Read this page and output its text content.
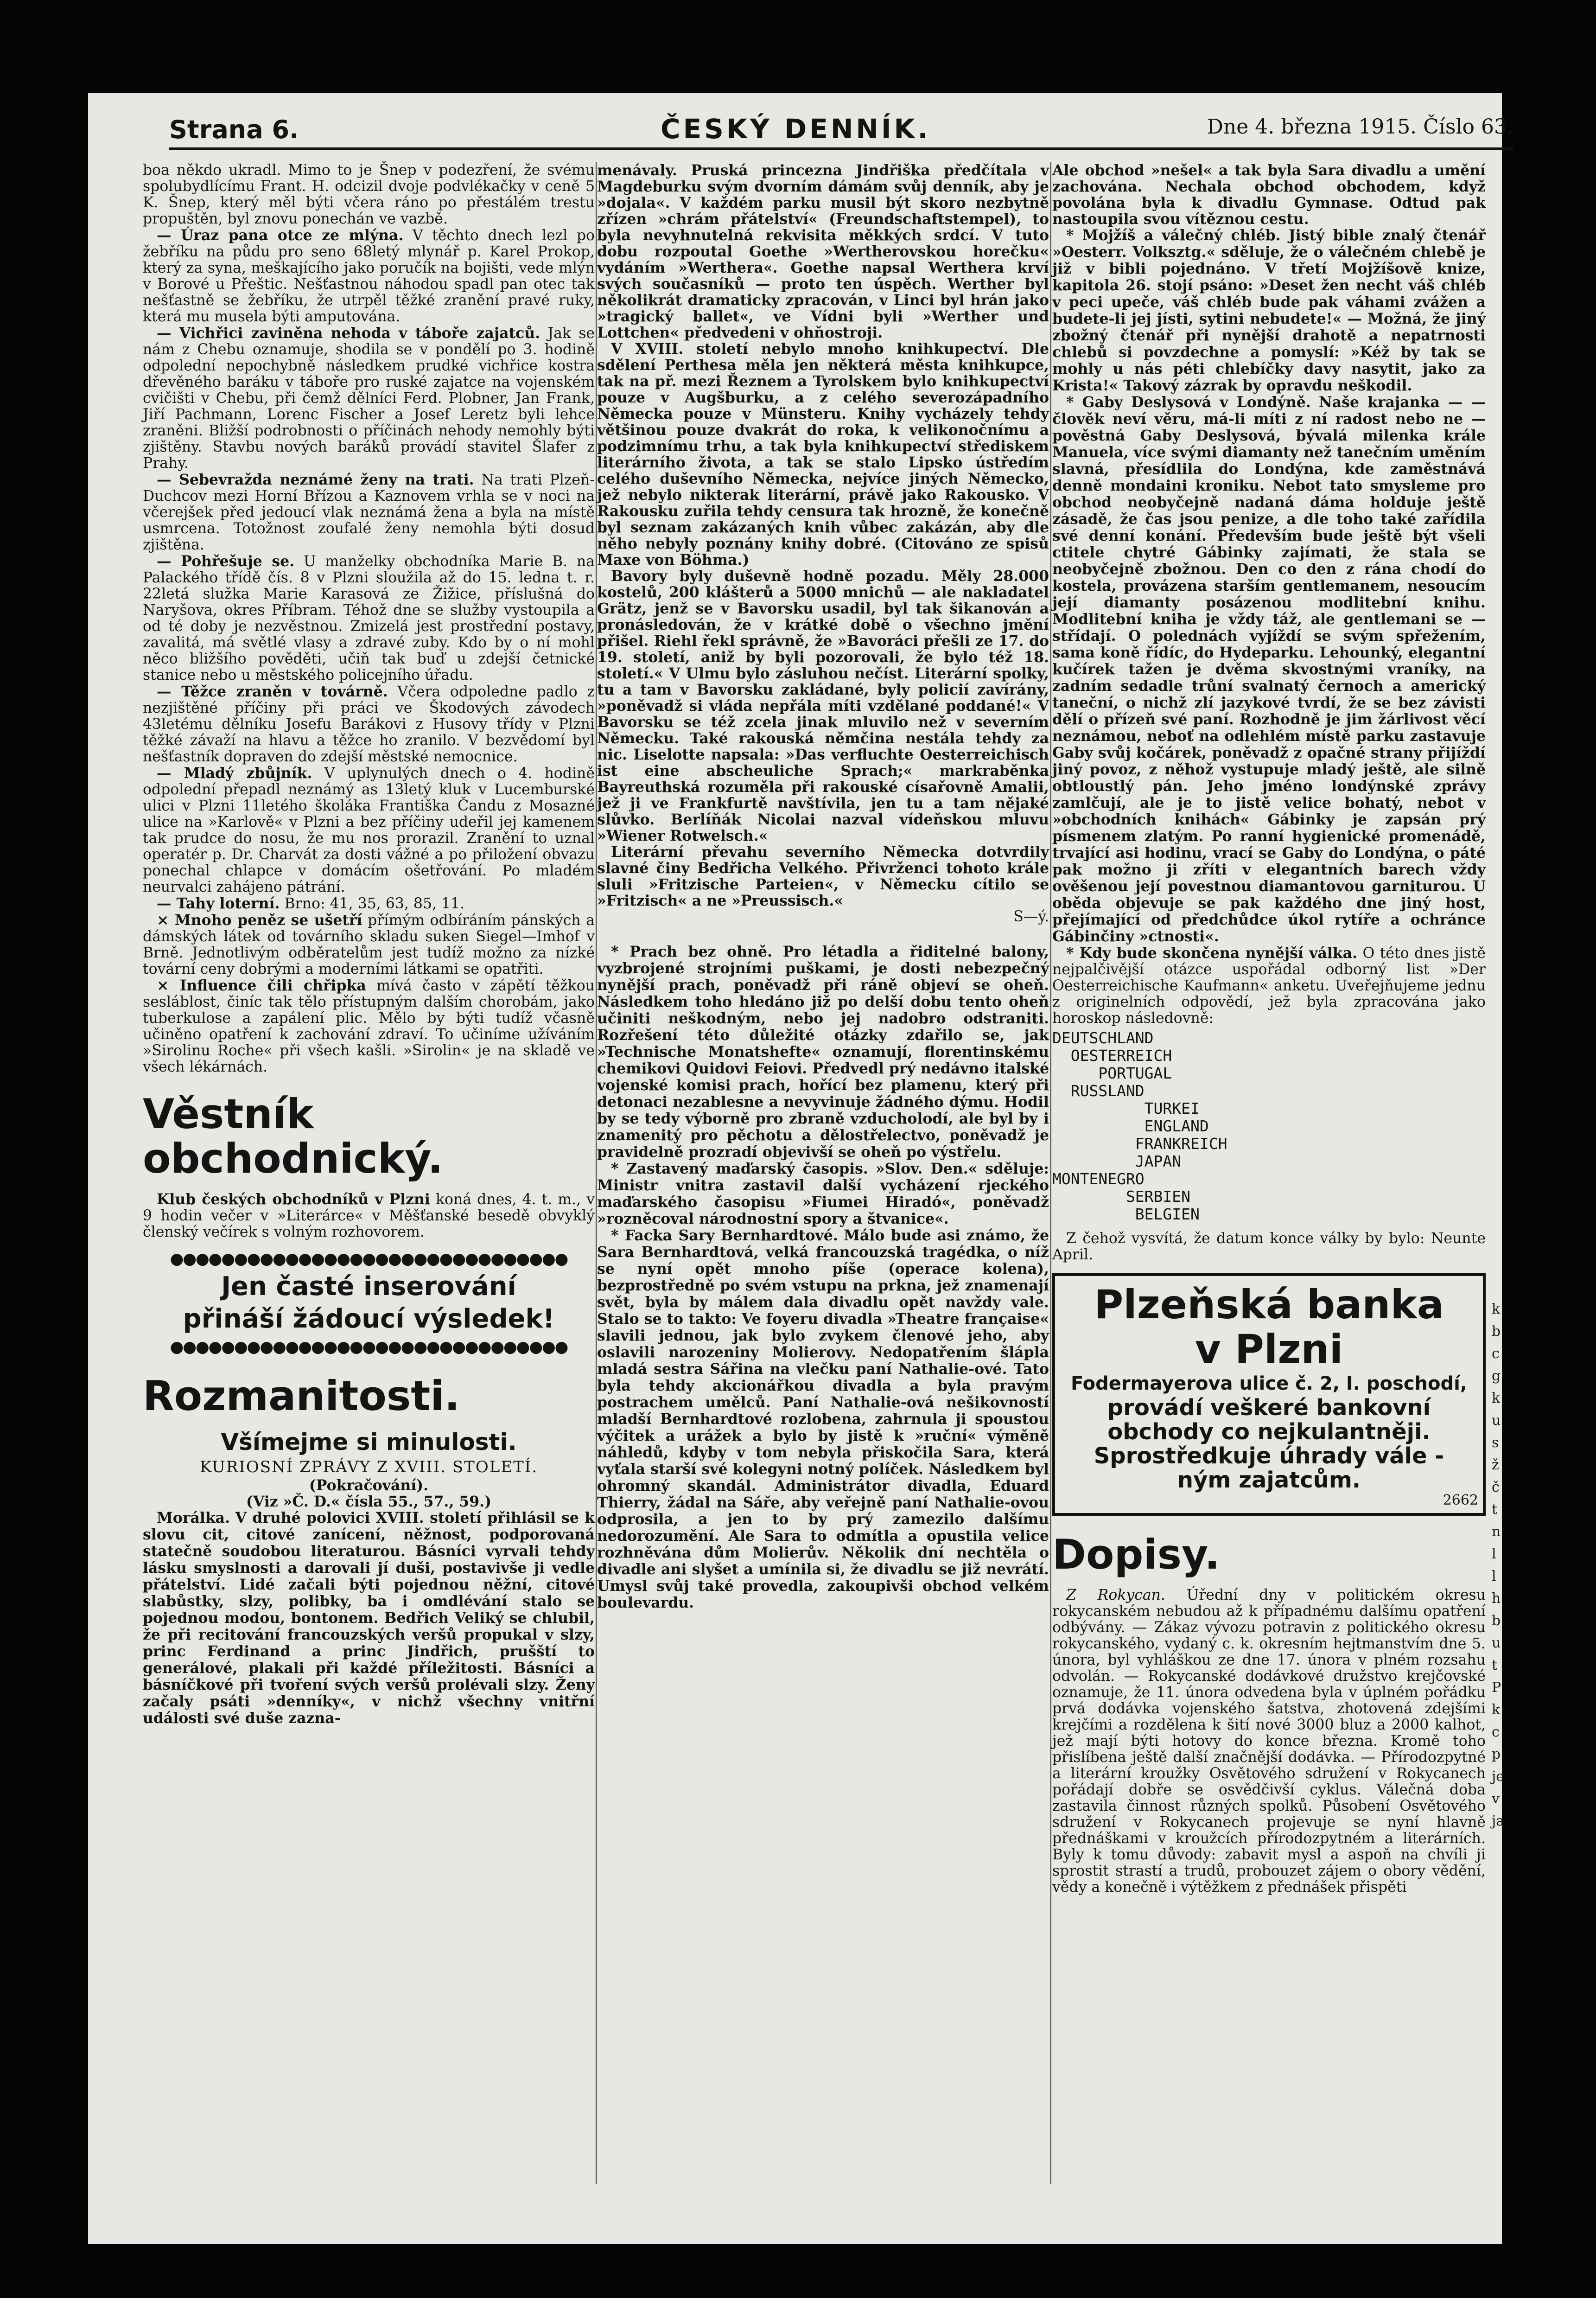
Strana 6.	ČESKÝ DENNÍK.	Dne 4. března 1915. Číslo 63.

boa někdo ukradl. Mimo to je Šnep v podezření, že svému spolubydlícímu Frant. H. odcizil dvoje podvlékačky v ceně 5 K. Šnep, který měl býti včera ráno po přestálém trestu propuštěn, byl znovu ponechán ve vazbě.

— Úraz pana otce ze mlýna. V těchto dnech lezl po žebříku na půdu pro seno 68letý mlynář p. Karel Prokop, který za syna, meškajícího jako poručík na bojišti, vede mlýn v Borové u Přeštic. Nešťastnou náhodou spadl pan otec tak nešťastně se žebříku, že utrpěl těžké zranění pravé ruky, která mu musela býti amputována.

— Vichřici zaviněna nehoda v táboře zajatců. Jak se nám z Chebu oznamuje, shodila se v pondělí po 3. hodině odpolední nepochybně následkem prudké vichřice kostra dřevěného baráku v táboře pro ruské zajatce na vojenském cvičišti v Chebu, při čemž dělníci Ferd. Plobner, Jan Frank, Jiří Pachmann, Lorenc Fischer a Josef Leretz byli lehce zraněni. Bližší podrobnosti o příčinách nehody nemohly býti zjištěny. Stavbu nových baráků provádí stavitel Šlafer z Prahy.

— Sebevražda neznámé ženy na trati. Na trati Plzeň-Duchcov mezi Horní Břízou a Kaznovem vrhla se v noci na včerejšek před jedoucí vlak neznámá žena a byla na místě usmrcena. Totožnost zoufalé ženy nemohla býti dosud zjištěna.

— Pohřešuje se. U manželky obchodníka Marie B. na Palackého třídě čís. 8 v Plzni sloužila až do 15. ledna t. r. 22letá služka Marie Karasová ze Žižice, příslušná do Naryšova, okres Příbram. Téhož dne se služby vystoupila a od té doby je nezvěstnou. Zmizelá jest prostřední postavy, zavalitá, má světlé vlasy a zdravé zuby. Kdo by o ní mohl něco bližšího pověděti, učiň tak buď u zdejší četnické stanice nebo u městského policejního úřadu.

— Těžce zraněn v továrně. Včera odpoledne padlo z nezjištěné příčiny při práci ve Škodových závodech 43letému dělníku Josefu Barákovi z Husovy třídy v Plzni těžké závaží na hlavu a těžce ho zranilo. V bezvědomí byl nešťastník dopraven do zdejší městské nemocnice.

— Mladý zbůjník. V uplynulých dnech o 4. hodině odpolední přepadl neznámý as 13letý kluk v Lucemburské ulici v Plzni 11letého školáka Františka Čandu z Mosazné ulice na »Karlově« v Plzni a bez příčiny udeřil jej kamenem tak prudce do nosu, že mu nos prorazil. Zranění to uznal operatér p. Dr. Charvát za dosti vážné a po přiložení obvazu ponechal chlapce v domácím ošetřování. Po mladém neurvalci zahájeno pátrání.

— Tahy loterní. Brno: 41, 35, 63, 85, 11.

× Mnoho peněz se ušetří přímým odbíráním pánských a dámských látek od továrního skladu suken Siegel—Imhof v Brně. Jednotlivým odběratelům jest tudíž možno za nízké tovární ceny dobrými a moderními látkami se opatřiti.

× Influence čili chřipka mívá často v zápětí těžkou sesláblost, činíc tak tělo přístupným dalším chorobám, jako tuberkulose a zapálení plic. Mělo by býti tudíž včasně učiněno opatření k zachování zdraví. To učiníme užíváním »Sirolinu Roche« při všech kašli. »Sirolin« je na skladě ve všech lékárnách.

Věstník obchodnický.

Klub českých obchodníků v Plzni koná dnes, 4. t. m., v 9 hodin večer v »Literárce« v Měšťanské besedě obvyklý členský večírek s volným rozhovorem.

●●●●●●●●●●●●●●●●●●●●●●●●●●●●●●●
Jen časté inserování
přináší žádoucí výsledek!
●●●●●●●●●●●●●●●●●●●●●●●●●●●●●●●
Rozmanitosti.
Všímejme si minulosti.
KURIOSNÍ ZPRÁVY Z XVIII. STOLETÍ.

(Pokračování).

(Viz »Č. D.« čísla 55., 57., 59.)

Morálka. V druhé polovici XVIII. století přihlásil se k slovu cit, citové zanícení, něžnost, podporovaná statečně soudobou literaturou. Básníci vyrvali tehdy lásku smyslnosti a darovali jí duši, postavivše ji vedle přátelství. Lidé začali býti pojednou něžní, citové slabůstky, slzy, polibky, ba i omdlévání stalo se pojednou modou, bontonem. Bedřich Veliký se chlubil, že při recitování francouzských veršů propukal v slzy, princ Ferdinand a princ Jindřich, prušští to generálové, plakali při každé příležitosti. Básníci a básníčkové při tvoření svých veršů prolévali slzy. Ženy začaly psáti »denníky«, v nichž všechny vnitřní události své duše zazna-

menávaly. Pruská princezna Jindřiška předčítala v Magdeburku svým dvorním dámám svůj denník, aby je »dojala«. V každém parku musil být skoro nezbytně zřízen »chrám přátelství« (Freundschaftstempel), to byla nevyhnutelná rekvisita měkkých srdcí. V tuto dobu rozpoutal Goethe »Wertherovskou horečku« vydáním »Werthera«. Goethe napsal Werthera krví svých současníků — proto ten úspěch. Werther byl několikrát dramaticky zpracován, v Linci byl hrán jako »tragický ballet«, ve Vídni byli »Werther und Lottchen« předvedeni v ohňostroji.

V XVIII. století nebylo mnoho knihkupectví. Dle sdělení Perthesa měla jen některá města knihkupce, tak na př. mezi Řeznem a Tyrolskem bylo knihkupectví pouze v Augšburku, a z celého severozápadního Německa pouze v Münsteru. Knihy vycházely tehdy většinou pouze dvakrát do roka, k velikonočnímu a podzimnímu trhu, a tak byla knihkupectví střediskem literárního života, a tak se stalo Lipsko ústředím celého duševního Německa, nejvíce jiných Německo, jež nebylo nikterak literární, právě jako Rakousko. V Rakousku zuřila tehdy censura tak hrozně, že konečně byl seznam zakázaných knih vůbec zakázán, aby dle něho nebyly poznány knihy dobré. (Citováno ze spisů Maxe von Böhma.)

Bavory byly duševně hodně pozadu. Měly 28.000 kostelů, 200 klášterů a 5000 mnichů — ale nakladatel Grätz, jenž se v Bavorsku usadil, byl tak šikanován a pronásledován, že v krátké době o všechno jmění přišel. Riehl řekl správně, že »Bavoráci přešli ze 17. do 19. století, aniž by byli pozorovali, že bylo též 18. století.« V Ulmu bylo zásluhou nečíst. Literární spolky, tu a tam v Bavorsku zakládané, byly policií zavírány, »poněvadž si vláda nepřála míti vzdělané poddané!« V Bavorsku se též zcela jinak mluvilo než v severním Německu. Také rakouská němčina nestála tehdy za nic. Liselotte napsala: »Das verfluchte Oesterreichisch ist eine abscheuliche Sprach;« markraběnka Bayreuthská rozuměla při rakouské císařovně Amalii, jež ji ve Frankfurtě navštívila, jen tu a tam nějaké slůvko. Berlíňák Nicolai nazval vídeňskou mluvu »Wiener Rotwelsch.«

Literární převahu severního Německa dotvrdily slavné činy Bedřicha Velkého. Přivrženci tohoto krále sluli »Fritzische Parteien«, v Německu cítilo se »Fritzisch« a ne »Preussisch.«

S—ý.

* Prach bez ohně. Pro létadla a řiditelné balony, vyzbrojené strojními puškami, je dosti nebezpečný nynější prach, poněvadž při ráně objeví se oheň. Následkem toho hledáno již po delší dobu tento oheň učiniti neškodným, nebo jej nadobro odstraniti. Rozřešení této důležité otázky zdařilo se, jak »Technische Monatshefte« oznamují, florentinskému chemikovi Quidovi Feiovi. Předvedl prý nedávno italské vojenské komisi prach, hořící bez plamenu, který při detonaci nezablesne a nevyvinuje žádného dýmu. Hodil by se tedy výborně pro zbraně vzducholodí, ale byl by i znamenitý pro pěchotu a dělostřelectvo, poněvadž je pravidelně prozradí objevivší se oheň po výstřelu.

* Zastavený maďarský časopis. »Slov. Den.« sděluje: Ministr vnitra zastavil další vycházení rjeckého maďarského časopisu »Fiumei Hiradó«, poněvadž »rozněcoval národnostní spory a štvanice«.

* Facka Sary Bernhardtové. Málo bude asi známo, že Sara Bernhardtová, velká francouzská tragédka, o níž se nyní opět mnoho píše (operace kolena), bezprostředně po svém vstupu na prkna, jež znamenají svět, byla by málem dala divadlu opět navždy vale. Stalo se to takto: Ve foyeru divadla »Theatre française« slavili jednou, jak bylo zvykem členové jeho, aby oslavili narozeniny Molierovy. Nedopatřením šlápla mladá sestra Sářina na vlečku paní Nathalie-ové. Tato byla tehdy akcionářkou divadla a byla pravým postrachem umělců. Paní Nathalie-ová nešikovností mladší Bernhardtové rozlobena, zahrnula ji spoustou výčitek a urážek a bylo by jistě k »ruční« výměně náhledů, kdyby v tom nebyla přiskočila Sara, která vyťala starší své kolegyni notný políček. Následkem byl ohromný skandál. Administrátor divadla, Eduard Thierry, žádal na Sáře, aby veřejně paní Nathalie-ovou odprosila, a jen to by prý zamezilo dalšímu nedorozumění. Ale Sara to odmítla a opustila velice rozhněvána dům Molierův. Několik dní nechtěla o divadle ani slyšet a umínila si, že divadlu se již nevrátí. Umysl svůj také provedla, zakoupivši obchod velkém boulevardu.

Ale obchod »nešel« a tak byla Sara divadlu a umění zachována. Nechala obchod obchodem, když povolána byla k divadlu Gymnase. Odtud pak nastoupila svou vítěznou cestu.

* Mojžíš a válečný chléb. Jistý bible znalý čtenář »Oesterr. Volksztg.« sděluje, že o válečném chlebě je již v bibli pojednáno. V třetí Mojžíšově knize, kapitola 26. stojí psáno: »Deset žen necht váš chléb v peci upeče, váš chléb bude pak váhami zvážen a budete-li jej jísti, sytini nebudete!« — Možná, že jiný zbožný čtenář při nynější drahotě a nepatrnosti chlebů si povzdechne a pomyslí: »Kéž by tak se mohly u nás péti chlebíčky davy nasytit, jako za Krista!« Takový zázrak by opravdu neškodil.

* Gaby Deslysová v Londýně. Naše krajanka — — člověk neví věru, má-li míti z ní radost nebo ne — pověstná Gaby Deslysová, bývalá milenka krále Manuela, více svými diamanty než tanečním uměním slavná, přesídlila do Londýna, kde zaměstnává denně mondaini kroniku. Nebot tato smysleme pro obchod neobyčejně nadaná dáma holduje ještě zásadě, že čas jsou penize, a dle toho také zařídila své denní konání. Především bude ještě být všeli ctitele chytré Gábinky zajímati, že stala se neobyčejně zbožnou. Den co den z rána chodí do kostela, provázena starším gentlemanem, nesoucím její diamanty posázenou modlitební knihu. Modlitební kniha je vždy táž, ale gentlemani se — střídají. O polednách vyjíždí se svým spřežením, sama koně řídíc, do Hydeparku. Lehounký, elegantní kučírek tažen je dvěma skvostnými vraníky, na zadním sedadle trůní svalnatý černoch a americký taneční, o nichž zlí jazykové tvrdí, že se bez závisti dělí o přízeň své paní. Rozhodně je jim žárlivost věcí neznámou, neboť na odlehlém místě parku zastavuje Gaby svůj kočárek, poněvadž z opačné strany přijíždí jiný povoz, z něhož vystupuje mladý ještě, ale silně obtloustlý pán. Jeho jméno londýnské zprávy zamlčují, ale je to jistě velice bohatý, nebot v »obchodních knihách« Gábinky je zapsán prý písmenem zlatým. Po ranní hygienické promenádě, trvající asi hodinu, vrací se Gaby do Londýna, o páté pak možno ji zříti v elegantních barech vždy ověšenou její povestnou diamantovou garniturou. U oběda objevuje se pak každého dne jiný host, přejímající od předchůdce úkol rytíře a ochránce Gábinčiny »ctnosti«.

* Kdy bude skončena nynější válka. O této dnes jistě nejpalčivější otázce uspořádal odborný list »Der Oesterreichische Kaufmann« anketu. Uveřejňujeme jednu z originelních odpovědí, jež byla zpracována jako horoskop následovně:

DEUTSCHLAND
OESTERREICH
PORTUGAL
RUSSLAND
TURKEI
ENGLAND
FRANKREICH
JAPAN
MONTENEGRO
SERBIEN
BELGIEN

Z čehož vysvítá, že datum konce války by bylo: Neunte April.

Plzeňská banka
v Plzni
Fodermayerova ulice č. 2, I. poschodí,
provádí veškeré bankovní
obchody co nejkulantněji.
Sprostředkuje úhrady vále -
ným zajatcům.
2662
Dopisy.

Z Rokycan. Úřední dny v politickém okresu rokycanském nebudou až k případnému dalšímu opatření odbývány. — Zákaz vývozu potravin z politického okresu rokycanského, vydaný c. k. okresním hejtmanstvím dne 5. února, byl vyhláškou ze dne 17. února v plném rozsahu odvolán. — Rokycanské dodávkové družstvo krejčovské oznamuje, že 11. února odvedena byla v úplném pořádku prvá dodávka vojenského šatstva, zhotovená zdejšími krejčími a rozdělena k šití nové 3000 bluz a 2000 kalhot, jež mají býti hotovy do konce března. Kromě toho přislíbena ještě další značnější dodávka. — Přírodozpytné a literární kroužky Osvětového sdružení v Rokycanech pořádají dobře se osvědčivší cyklus. Válečná doba zastavila činnost různých spolků. Působení Osvětového sdružení v Rokycanech projevuje se nyní hlavně přednáškami v kroužcích přírodozpytném a literárních. Byly k tomu důvody: zabavit mysl a aspoň na chvíli ji sprostit strastí a trudů, probouzet zájem o obory vědění, vědy a konečně i výtěžkem z přednášek přispěti

k
b
c
g
k
u
s
ž
č
t
n
l
l
h
b
u
t
P
k
c
p
je
v
ja
